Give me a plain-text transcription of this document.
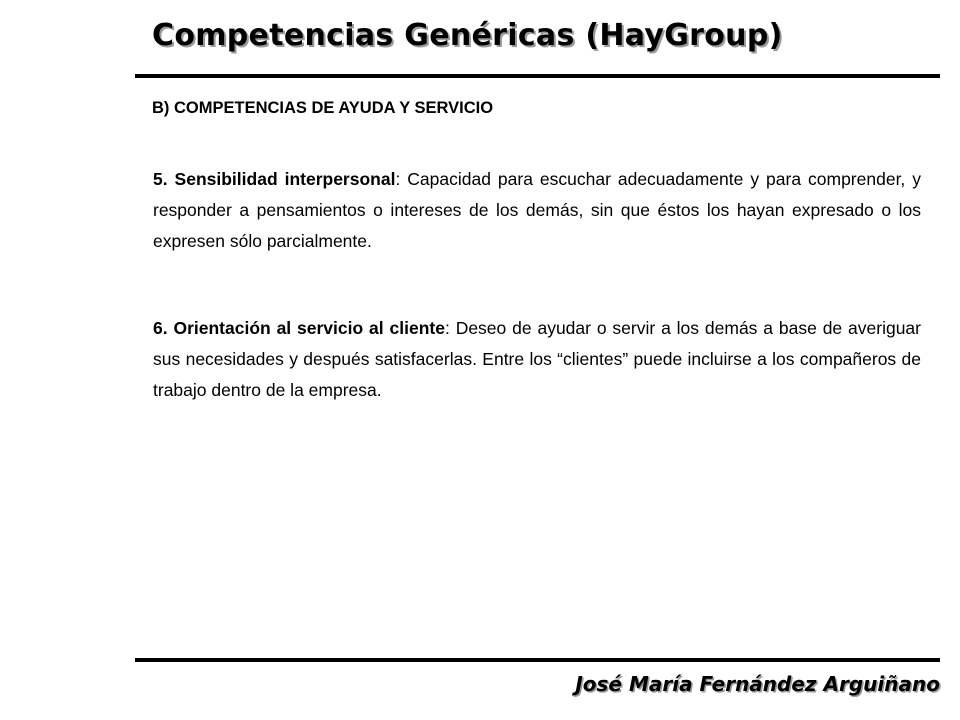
Competencias Genéricas (HayGroup)
B) COMPETENCIAS DE AYUDA Y SERVICIO

5. Sensibilidad interpersonal: Capacidad para escuchar adecuadamente y para comprender, y responder a pensamientos o intereses de los demás, sin que éstos los hayan expresado o los expresen sólo parcialmente.

6. Orientación al servicio al cliente: Deseo de ayudar o servir a los demás a base de averiguar sus necesidades y después satisfacerlas. Entre los “clientes” puede incluirse a los compañeros de trabajo dentro de la empresa.

José María Fernández Arguiñano
